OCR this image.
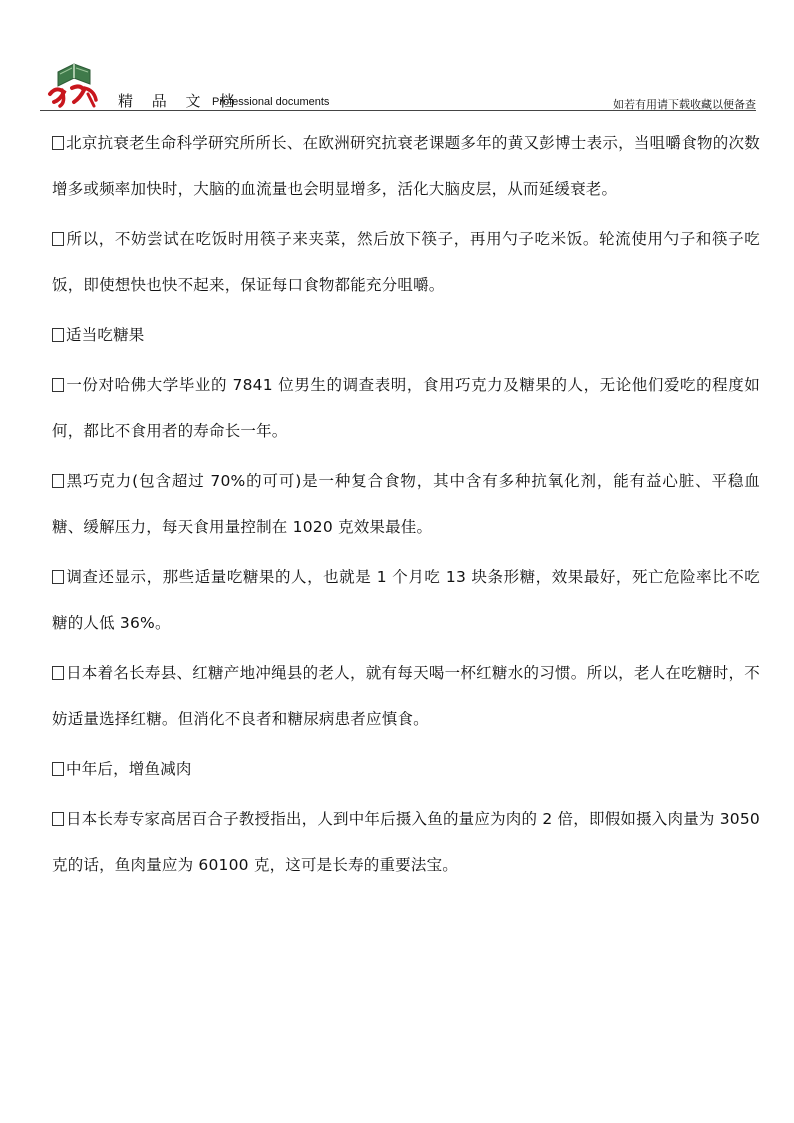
精 品 文 档
Professional documents	如若有用请下载收藏以便备查

北京抗衰老生命科学研究所所长、在欧洲研究抗衰老课题多年的黄又彭博士表示，当咀嚼食物的次数增多或频率加快时，大脑的血流量也会明显增多，活化大脑皮层，从而延缓衰老。

所以，不妨尝试在吃饭时用筷子来夹菜，然后放下筷子，再用勺子吃米饭。轮流使用勺子和筷子吃饭，即使想快也快不起来，保证每口食物都能充分咀嚼。

适当吃糖果

一份对哈佛大学毕业的 7841 位男生的调查表明，食用巧克力及糖果的人，无论他们爱吃的程度如何，都比不食用者的寿命长一年。

黑巧克力(包含超过 70%的可可)是一种复合食物，其中含有多种抗氧化剂，能有益心脏、平稳血糖、缓解压力，每天食用量控制在 1020 克效果最佳。

调查还显示，那些适量吃糖果的人，也就是 1 个月吃 13 块条形糖，效果最好，死亡危险率比不吃糖的人低 36%。

日本着名长寿县、红糖产地冲绳县的老人，就有每天喝一杯红糖水的习惯。所以，老人在吃糖时，不妨适量选择红糖。但消化不良者和糖尿病患者应慎食。

中年后，增鱼减肉

日本长寿专家高居百合子教授指出，人到中年后摄入鱼的量应为肉的 2 倍，即假如摄入肉量为 3050 克的话，鱼肉量应为 60100 克，这可是长寿的重要法宝。
